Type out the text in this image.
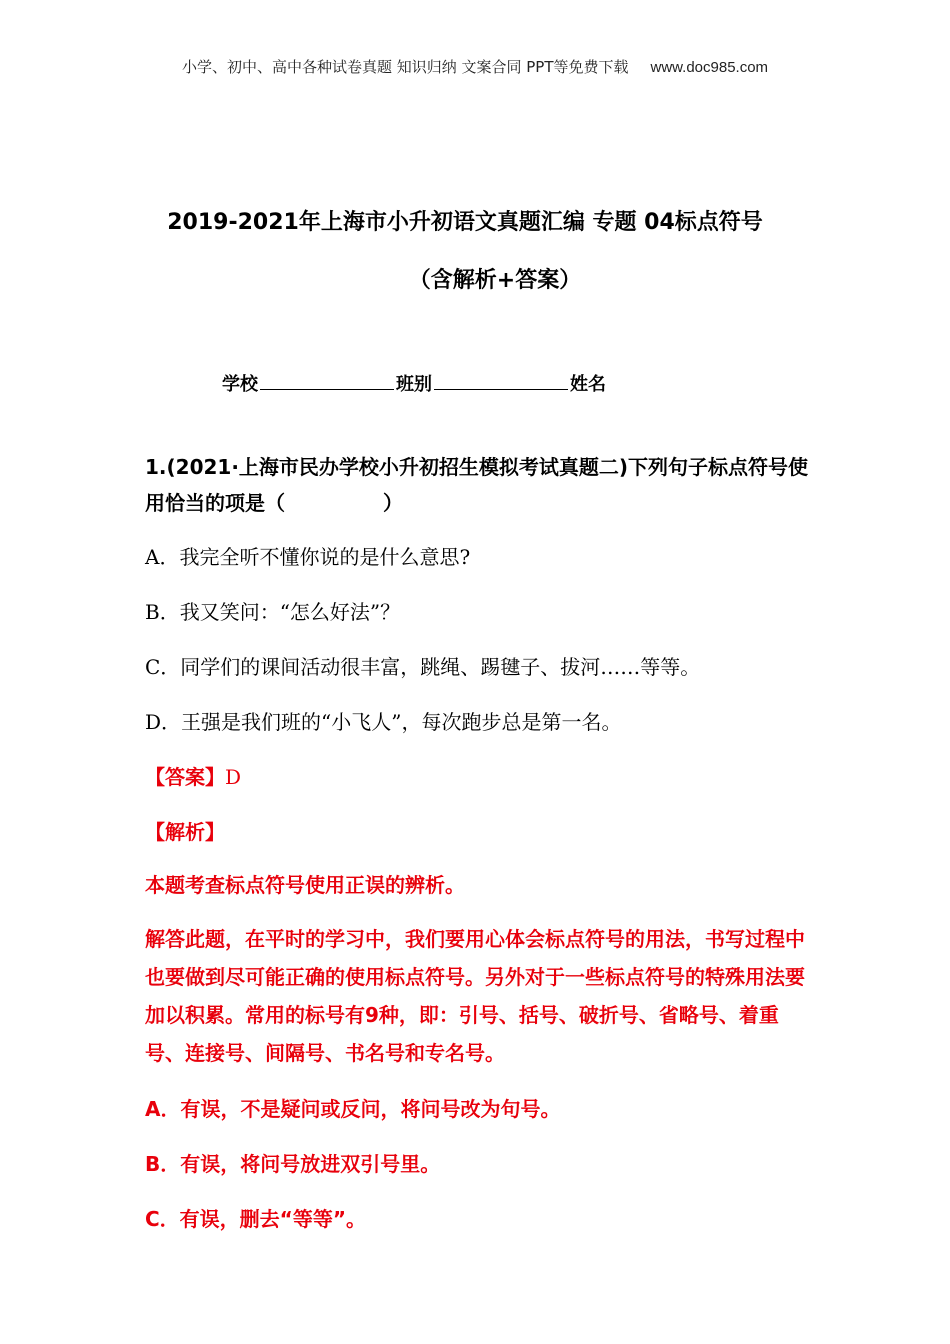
小学、初中、高中各种试卷真题 知识归纳 文案合同 PPT等免费下载 www.doc985.com
2019-2021年上海市小升初语文真题汇编 专题 04标点符号
（含解析+答案）
学校	班别	姓名
1.(2021·上海市民办学校小升初招生模拟考试真题二)下列句子标点符号使用恰当的项是（	）
A．我完全听不懂你说的是什么意思?
B．我又笑问：“怎么好法”？
C．同学们的课间活动很丰富，跳绳、踢毽子、拔河……等等。
D．王强是我们班的“小飞人”，每次跑步总是第一名。
【答案】D
【解析】
本题考查标点符号使用正误的辨析。
解答此题，在平时的学习中，我们要用心体会标点符号的用法，书写过程中也要做到尽可能正确的使用标点符号。另外对于一些标点符号的特殊用法要加以积累。常用的标号有9种，即：引号、括号、破折号、省略号、着重号、连接号、间隔号、书名号和专名号。
A．有误，不是疑问或反问，将问号改为句号。
B．有误，将问号放进双引号里。
C．有误，删去“等等”。
